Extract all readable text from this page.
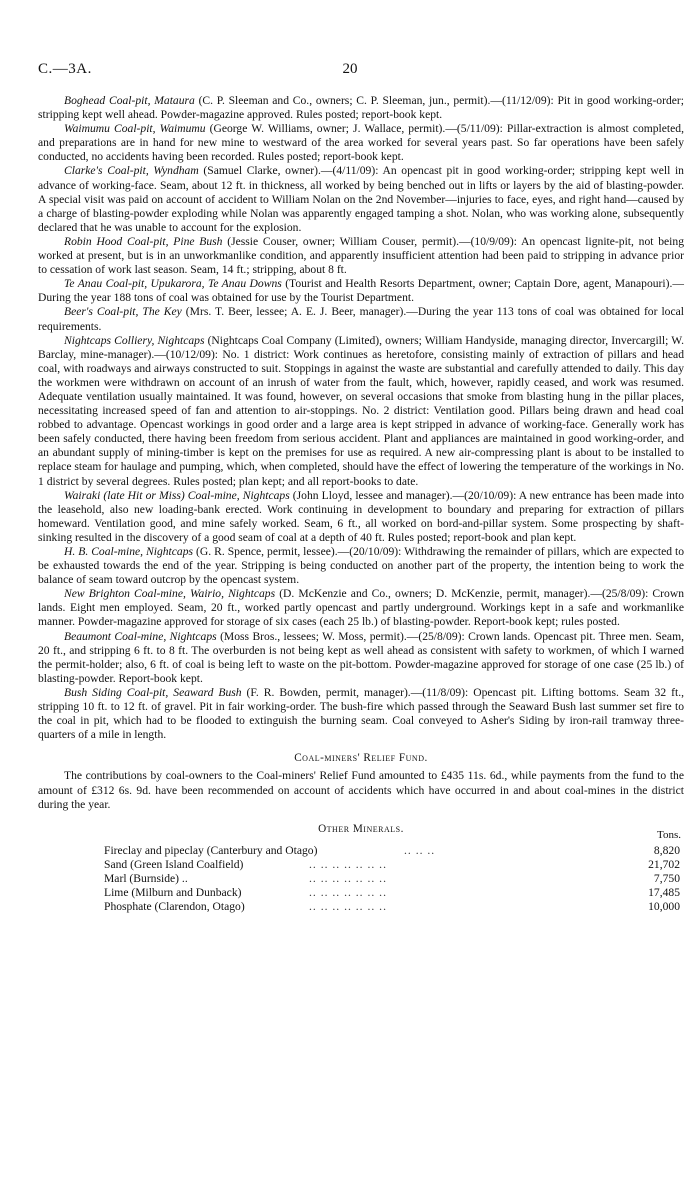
C.—3A.	20

Boghead Coal-pit, Mataura (C. P. Sleeman and Co., owners; C. P. Sleeman, jun., permit).—(11/12/09): Pit in good working-order; stripping kept well ahead. Powder-magazine approved. Rules posted; report-book kept.

Waimumu Coal-pit, Waimumu (George W. Williams, owner; J. Wallace, permit).—(5/11/09): Pillar-extraction is almost completed, and preparations are in hand for new mine to westward of the area worked for several years past. So far operations have been safely conducted, no accidents having been recorded. Rules posted; report-book kept.

Clarke's Coal-pit, Wyndham (Samuel Clarke, owner).—(4/11/09): An opencast pit in good working-order; stripping kept well in advance of working-face. Seam, about 12 ft. in thickness, all worked by being benched out in lifts or layers by the aid of blasting-powder. A special visit was paid on account of accident to William Nolan on the 2nd November—injuries to face, eyes, and right hand—caused by a charge of blasting-powder exploding while Nolan was apparently engaged tamping a shot. Nolan, who was working alone, subsequently declared that he was unable to account for the explosion.

Robin Hood Coal-pit, Pine Bush (Jessie Couser, owner; William Couser, permit).—(10/9/09): An opencast lignite-pit, not being worked at present, but is in an unworkmanlike condition, and apparently insufficient attention had been paid to stripping in advance prior to cessation of work last season. Seam, 14 ft.; stripping, about 8 ft.

Te Anau Coal-pit, Upukarora, Te Anau Downs (Tourist and Health Resorts Department, owner; Captain Dore, agent, Manapouri).—During the year 188 tons of coal was obtained for use by the Tourist Department.

Beer's Coal-pit, The Key (Mrs. T. Beer, lessee; A. E. J. Beer, manager).—During the year 113 tons of coal was obtained for local requirements.

Nightcaps Colliery, Nightcaps (Nightcaps Coal Company (Limited), owners; William Handyside, managing director, Invercargill; W. Barclay, mine-manager).—(10/12/09): No. 1 district: Work continues as heretofore, consisting mainly of extraction of pillars and head coal, with roadways and airways constructed to suit. Stoppings in against the waste are substantial and carefully attended to daily. This day the workmen were withdrawn on account of an inrush of water from the fault, which, however, rapidly ceased, and work was resumed. Adequate ventilation usually maintained. It was found, however, on several occasions that smoke from blasting hung in the pillar places, necessitating increased speed of fan and attention to air-stoppings. No. 2 district: Ventilation good. Pillars being drawn and head coal robbed to advantage. Opencast workings in good order and a large area is kept stripped in advance of working-face. Generally work has been safely conducted, there having been freedom from serious accident. Plant and appliances are maintained in good working-order, and an abundant supply of mining-timber is kept on the premises for use as required. A new air-compressing plant is about to be installed to replace steam for haulage and pumping, which, when completed, should have the effect of lowering the temperature of the workings in No. 1 district by several degrees. Rules posted; plan kept; and all report-books to date.

Wairaki (late Hit or Miss) Coal-mine, Nightcaps (John Lloyd, lessee and manager).—(20/10/09): A new entrance has been made into the leasehold, also new loading-bank erected. Work continuing in development to boundary and preparing for extraction of pillars homeward. Ventilation good, and mine safely worked. Seam, 6 ft., all worked on bord-and-pillar system. Some prospecting by shaft-sinking resulted in the discovery of a good seam of coal at a depth of 40 ft. Rules posted; report-book and plan kept.

H. B. Coal-mine, Nightcaps (G. R. Spence, permit, lessee).—(20/10/09): Withdrawing the remainder of pillars, which are expected to be exhausted towards the end of the year. Stripping is being conducted on another part of the property, the intention being to work the balance of seam toward outcrop by the opencast system.

New Brighton Coal-mine, Wairio, Nightcaps (D. McKenzie and Co., owners; D. McKenzie, permit, manager).—(25/8/09): Crown lands. Eight men employed. Seam, 20 ft., worked partly opencast and partly underground. Workings kept in a safe and workmanlike manner. Powder-magazine approved for storage of six cases (each 25 lb.) of blasting-powder. Report-book kept; rules posted.

Beaumont Coal-mine, Nightcaps (Moss Bros., lessees; W. Moss, permit).—(25/8/09): Crown lands. Opencast pit. Three men. Seam, 20 ft., and stripping 6 ft. to 8 ft. The overburden is not being kept as well ahead as consistent with safety to workmen, of which I warned the permit-holder; also, 6 ft. of coal is being left to waste on the pit-bottom. Powder-magazine approved for storage of one case (25 lb.) of blasting-powder. Report-book kept.

Bush Siding Coal-pit, Seaward Bush (F. R. Bowden, permit, manager).—(11/8/09): Opencast pit. Lifting bottoms. Seam 32 ft., stripping 10 ft. to 12 ft. of gravel. Pit in fair working-order. The bush-fire which passed through the Seaward Bush last summer set fire to the coal in pit, which had to be flooded to extinguish the burning seam. Coal conveyed to Asher's Siding by iron-rail tramway three-quarters of a mile in length.

Coal-miners' Relief Fund.

The contributions by coal-owners to the Coal-miners' Relief Fund amounted to £435 11s. 6d., while payments from the fund to the amount of £312 6s. 9d. have been recommended on account of accidents which have occurred in and about coal-mines in the district during the year.

Other Minerals.	Tons.
Fireclay and pipeclay (Canterbury and Otago)	.. .. ..	8,820
Sand (Green Island Coalfield)	.. .. .. .. .. .. ..	21,702
Marl (Burnside) ..	.. .. .. .. .. .. ..	7,750
Lime (Milburn and Dunback)	.. .. .. .. .. .. ..	17,485
Phosphate (Clarendon, Otago)	.. .. .. .. .. .. ..	10,000
